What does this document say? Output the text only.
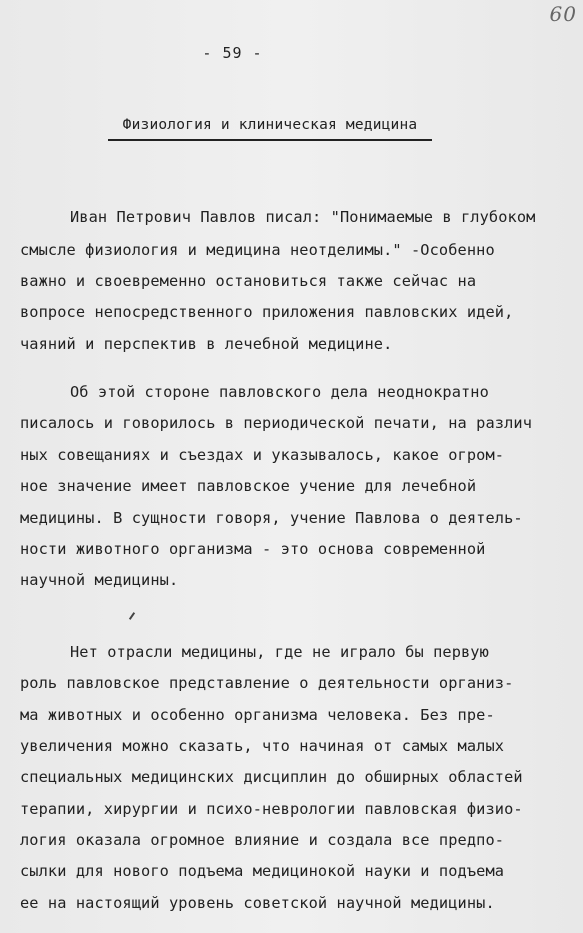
60
- 59 -
Физиология и клиническая медицина
Иван Петрович Павлов писал: "Понимаемые в глубоком
смысле физиология и медицина неотделимы." -Особенно
важно и своевременно остановиться также сейчас на
вопросе непосредственного приложения павловских идей,
чаяний и перспектив в лечебной медицине.
Об этой стороне павловского дела неоднократно
писалось и говорилось в периодической печати, на различ
ных совещаниях и съездах и указывалось, какое огром-
ное значение имеет павловское учение для лечебной
медицины. В сущности говоря, учение Павлова о деятель-
ности животного организма - это основа современной
научной медицины.
Нет отрасли медицины, где не играло бы первую
роль павловское представление о деятельности организ-
ма животных и особенно организма человека. Без пре-
увеличения можно сказать, что начиная от самых малых
специальных медицинских дисциплин до обширных областей
терапии, хирургии и психо-неврологии павловская физио-
логия оказала огромное влияние и создала все предпо-
сылки для нового подъема медицинокой науки и подъема
ее на настоящий уровень советской научной медицины.
